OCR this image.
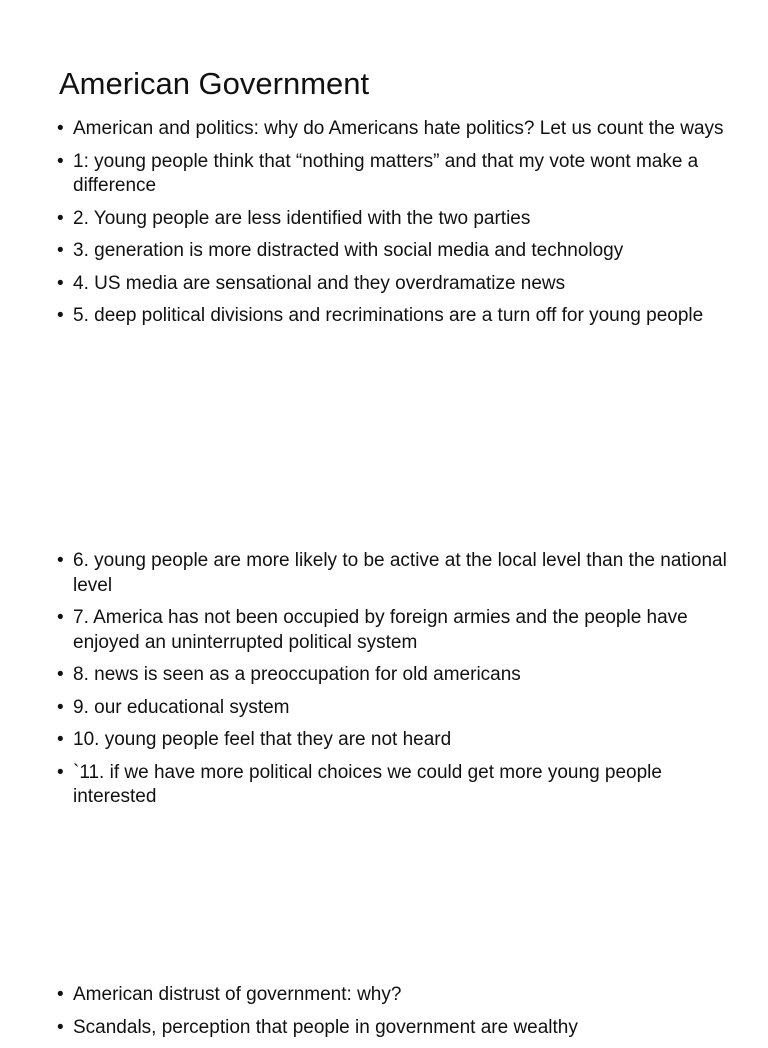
American Government
• American and politics: why do Americans hate politics? Let us count the ways
• 1: young people think that “nothing matters” and that my vote wont make a difference
• 2. Young people are less identified with the two parties
• 3. generation is more distracted with social media and technology
• 4. US media are sensational and they overdramatize news
• 5. deep political divisions and recriminations are a turn off for young people
• 6. young people are more likely to be active at the local level than the national level
• 7. America has not been occupied by foreign armies and the people have enjoyed an uninterrupted political system
• 8. news is seen as a preoccupation for old americans
• 9. our educational system
• 10. young people feel that they are not heard
• `11. if we have more political choices we could get more young people interested
• American distrust of government: why?
• Scandals, perception that people in government are wealthy
